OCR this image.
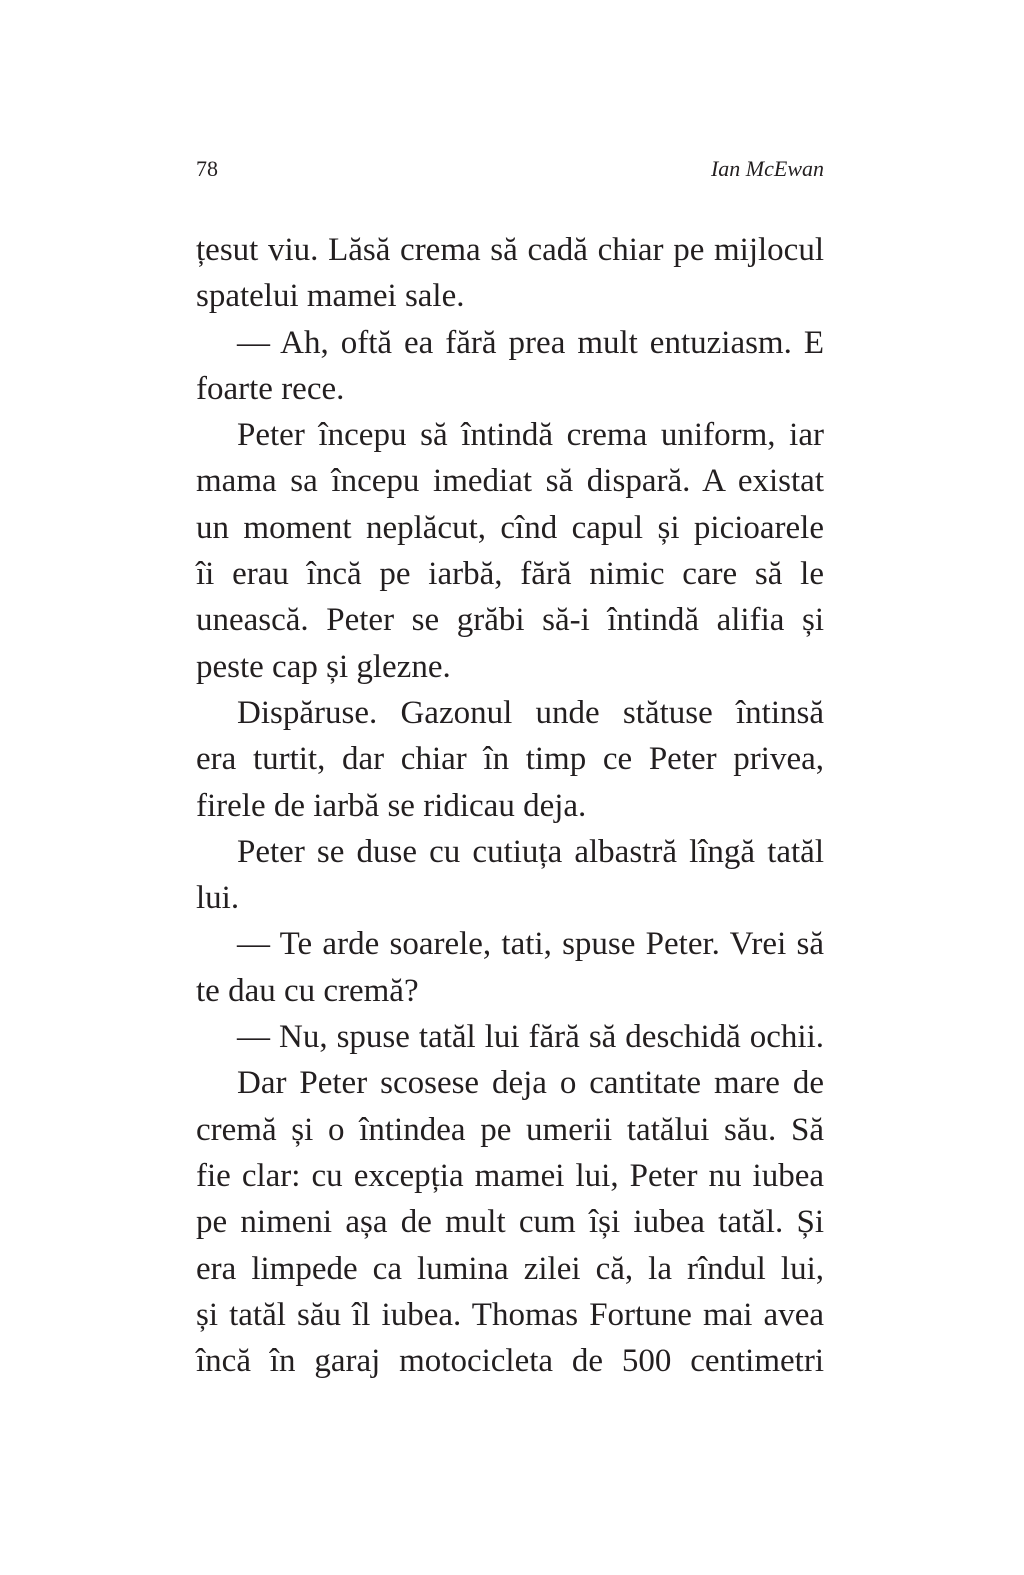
78	Ian McEwan
țesut viu. Lăsă crema să cadă chiar pe mijlocul
spatelui mamei sale.
— Ah, oftă ea fără prea mult entuziasm. E
foarte rece.
Peter începu să întindă crema uniform, iar
mama sa începu imediat să dispară. A existat
un moment neplăcut, cînd capul și picioarele
îi erau încă pe iarbă, fără nimic care să le
unească. Peter se grăbi să-i întindă alifia și
peste cap și glezne.
Dispăruse. Gazonul unde stătuse întinsă
era turtit, dar chiar în timp ce Peter privea,
firele de iarbă se ridicau deja.
Peter se duse cu cutiuța albastră lîngă tatăl
lui.
— Te arde soarele, tati, spuse Peter. Vrei să
te dau cu cremă?
— Nu, spuse tatăl lui fără să deschidă ochii.
Dar Peter scosese deja o cantitate mare de
cremă și o întindea pe umerii tatălui său. Să
fie clar: cu excepția mamei lui, Peter nu iubea
pe nimeni așa de mult cum își iubea tatăl. Și
era limpede ca lumina zilei că, la rîndul lui,
și tatăl său îl iubea. Thomas Fortune mai avea
încă în garaj motocicleta de 500 centimetri
